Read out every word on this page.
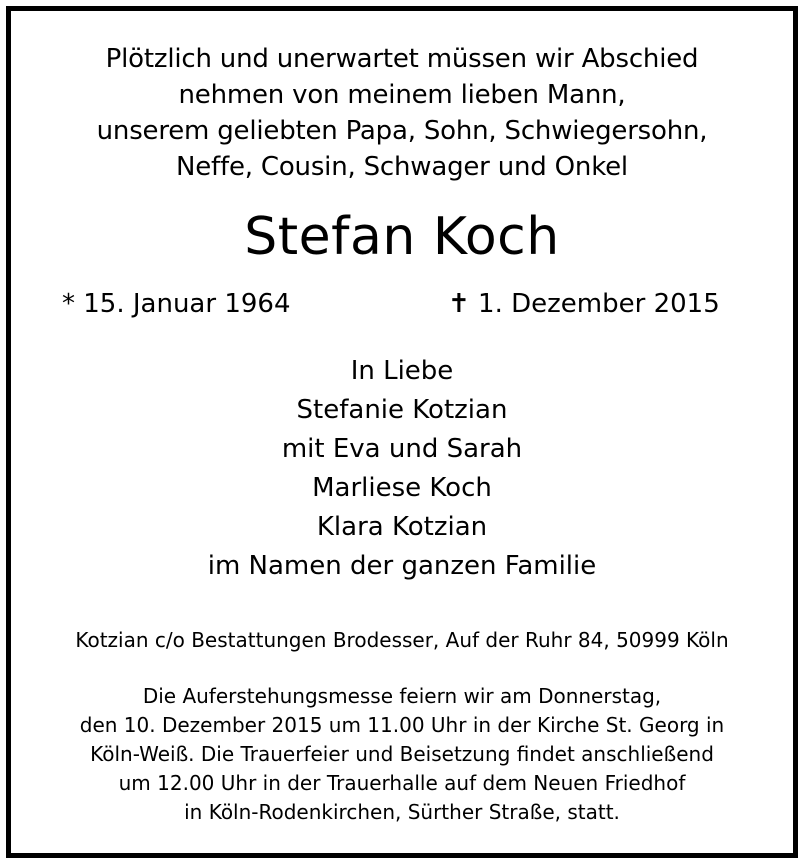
Plötzlich und unerwartet müssen wir Abschied
nehmen von meinem lieben Mann,
unserem geliebten Papa, Sohn, Schwiegersohn,
Neffe, Cousin, Schwager und Onkel
Stefan Koch
* 15. Januar 1964	✝ 1. Dezember 2015
In Liebe
Stefanie Kotzian
mit Eva und Sarah
Marliese Koch
Klara Kotzian
im Namen der ganzen Familie
Kotzian c/o Bestattungen Brodesser, Auf der Ruhr 84, 50999 Köln
Die Auferstehungsmesse feiern wir am Donnerstag,
den 10. Dezember 2015 um 11.00 Uhr in der Kirche St. Georg in
Köln-Weiß. Die Trauerfeier und Beisetzung findet anschließend
um 12.00 Uhr in der Trauerhalle auf dem Neuen Friedhof
in Köln-Rodenkirchen, Sürther Straße, statt.
